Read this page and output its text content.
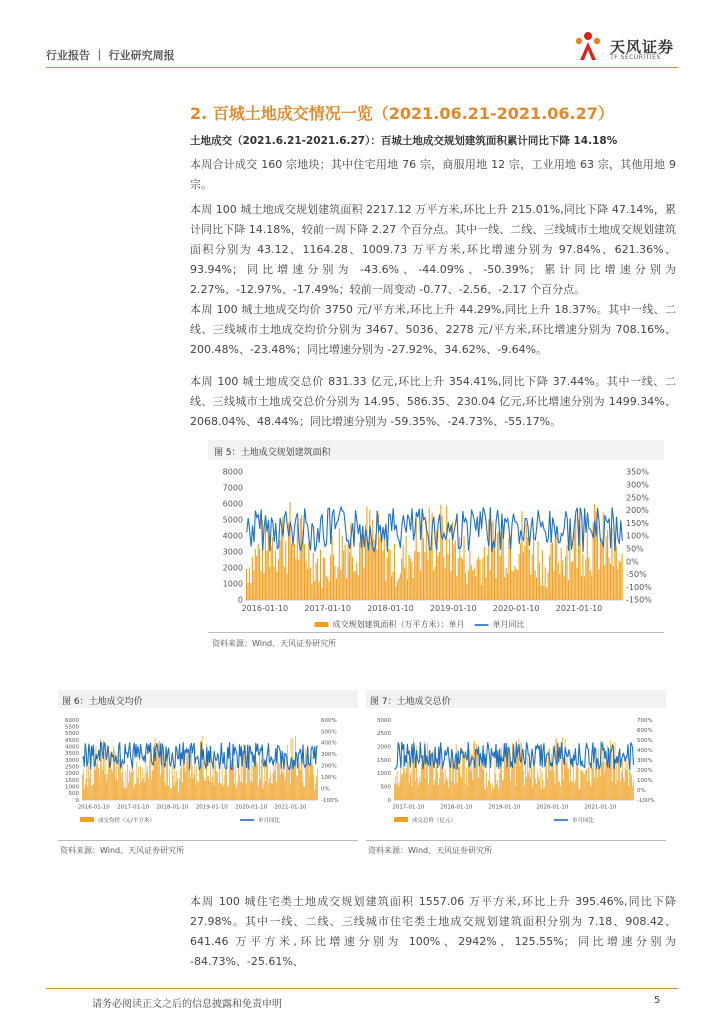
行业报告 ｜ 行业研究周报	天风证券
TF SECURITIES
2. 百城土地成交情况一览（2021.06.21-2021.06.27）
土地成交（2021.6.21-2021.6.27）：百城土地成交规划建筑面积累计同比下降 14.18%
本周合计成交 160 宗地块；其中住宅用地 76 宗，商服用地 12 宗，工业用地 63 宗，其他用地 9 宗。
本周 100 城土地成交规划建筑面积 2217.12 万平方米,环比上升 215.01%,同比下降 47.14%，累计同比下降 14.18%，较前一周下降 2.27 个百分点。其中一线、二线、三线城市土地成交规划建筑面积分别为 43.12、1164.28、1009.73 万平方米,环比增速分别为 97.84%、621.36%、93.94%；同比增速分别为 -43.6%、-44.09%、-50.39%；累计同比增速分别为 2.27%、-12.97%、-17.49%；较前一周变动 -0.77、-2.56、-2.17 个百分点。
本周 100 城土地成交均价 3750 元/平方米,环比上升 44.29%,同比上升 18.37%。其中一线、二线、三线城市土地成交均价分别为 3467、5036、2278 元/平方米,环比增速分别为 708.16%、200.48%、-23.48%；同比增速分别为 -27.92%、34.62%、-9.64%。
本周 100 城土地成交总价 831.33 亿元,环比上升 354.41%,同比下降 37.44%。其中一线、二线、三线城市土地成交总价分别为 14.95、586.35、230.04 亿元,环比增速分别为 1499.34%、2068.04%、48.44%；同比增速分别为 -59.35%、-24.73%、-55.17%。
图 5：土地成交规划建筑面积
0
1000
2000
3000
4000
5000
6000
7000
8000
-150%
-100%
-50%
0%
50%
100%
150%
200%
250%
300%
350%
2016-01-10 2017-01-10 2018-01-10 2019-01-10 2020-01-10 2021-01-10
成交规划建筑面积（万平方米）：单月	单月同比
资料来源：Wind、天风证券研究所
图 6：土地成交均价
0
500
1000
1500
2000
2500
3000
3500
4000
4500
5000
5500
6000
-100%
0%
100%
200%
300%
400%
500%
600%
2016-01-10 2017-01-10 2018-01-10 2019-01-10 2020-01-10 2021-01-10
成交均价（元/平方米）	单月同比
资料来源：Wind、天风证券研究所
图 7：土地成交总价
0
500
1000
1500
2000
2500
3000
-100%
0%
100%
200%
300%
400%
500%
600%
700%
2017-01-10	2018-01-10	2019-01-10	2020-01-10	2021-01-10
成交总价（亿元）	单月同比
资料来源：Wind、天风证券研究所
本周 100 城住宅类土地成交规划建筑面积 1557.06 万平方米,环比上升 395.46%,同比下降 27.98%。其中一线、二线、三线城市住宅类土地成交规划建筑面积分别为 7.18、908.42、641.46 万平方米,环比增速分别为 100%、2942%、125.55%；同比增速分别为 -84.73%、-25.61%、
请务必阅读正文之后的信息披露和免责申明	5
